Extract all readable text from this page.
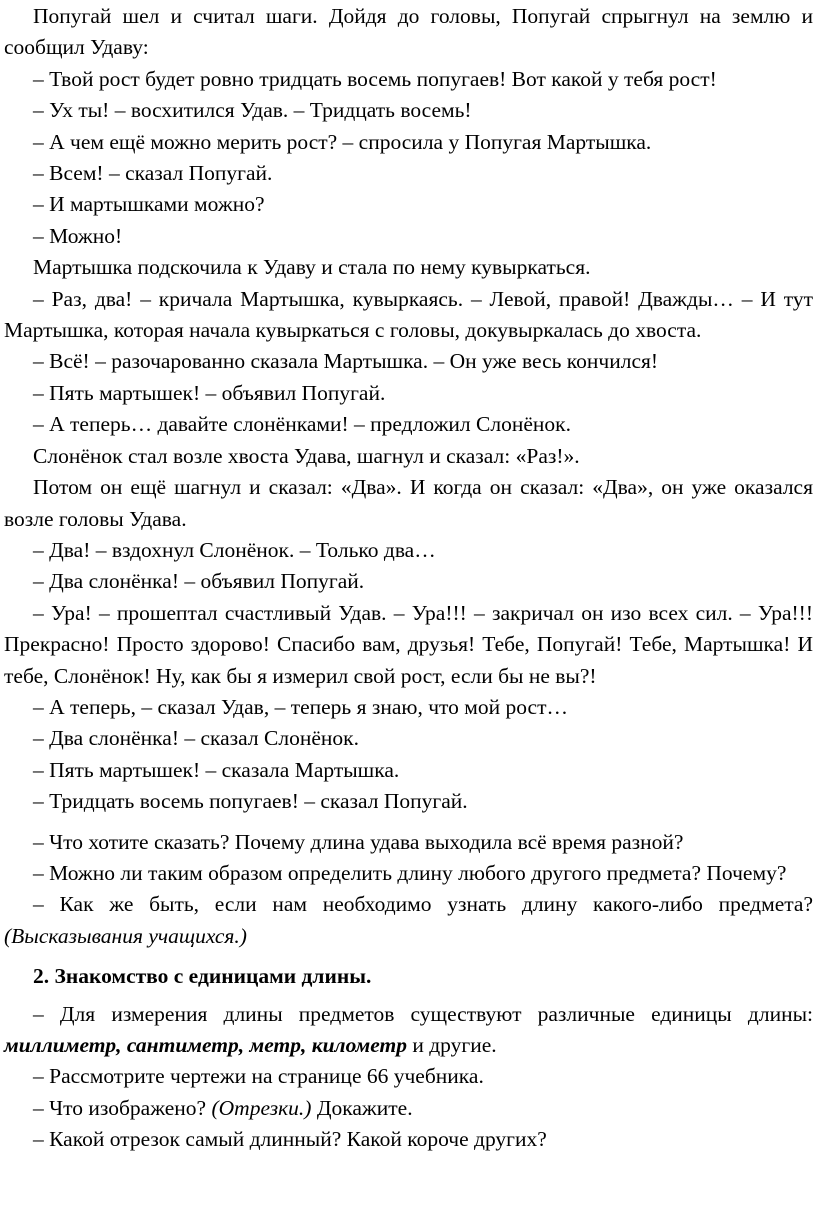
Попугай шел и считал шаги. Дойдя до головы, Попугай спрыгнул на землю и сообщил Удаву:

– Твой рост будет ровно тридцать восемь попугаев! Вот какой у тебя рост!

– Ух ты! – восхитился Удав. – Тридцать восемь!

– А чем ещё можно мерить рост? – спросила у Попугая Мартышка.

– Всем! – сказал Попугай.

– И мартышками можно?

– Можно!

Мартышка подскочила к Удаву и стала по нему кувыркаться.

– Раз, два! – кричала Мартышка, кувыркаясь. – Левой, правой! Дважды… – И тут Мартышка, которая начала кувыркаться с головы, докувыркалась до хвоста.

– Всё! – разочарованно сказала Мартышка. – Он уже весь кончился!

– Пять мартышек! – объявил Попугай.

– А теперь… давайте слонёнками! – предложил Слонёнок.

Слонёнок стал возле хвоста Удава, шагнул и сказал: «Раз!».

Потом он ещё шагнул и сказал: «Два». И когда он сказал: «Два», он уже оказался возле головы Удава.

– Два! – вздохнул Слонёнок. – Только два…

– Два слонёнка! – объявил Попугай.

– Ура! – прошептал счастливый Удав. – Ура!!! – закричал он изо всех сил. – Ура!!! Прекрасно! Просто здорово! Спасибо вам, друзья! Тебе, Попугай! Тебе, Мартышка! И тебе, Слонёнок! Ну, как бы я измерил свой рост, если бы не вы?!

– А теперь, – сказал Удав, – теперь я знаю, что мой рост…

– Два слонёнка! – сказал Слонёнок.

– Пять мартышек! – сказала Мартышка.

– Тридцать восемь попугаев! – сказал Попугай.

– Что хотите сказать? Почему длина удава выходила всё время разной?

– Можно ли таким образом определить длину любого другого предмета? Почему?

– Как же быть, если нам необходимо узнать длину какого-либо предмета? (Высказывания учащихся.)

2. Знакомство с единицами длины.

– Для измерения длины предметов существуют различные единицы длины: миллиметр, сантиметр, метр, километр и другие.

– Рассмотрите чертежи на странице 66 учебника.

– Что изображено? (Отрезки.) Докажите.

– Какой отрезок самый длинный? Какой короче других?
